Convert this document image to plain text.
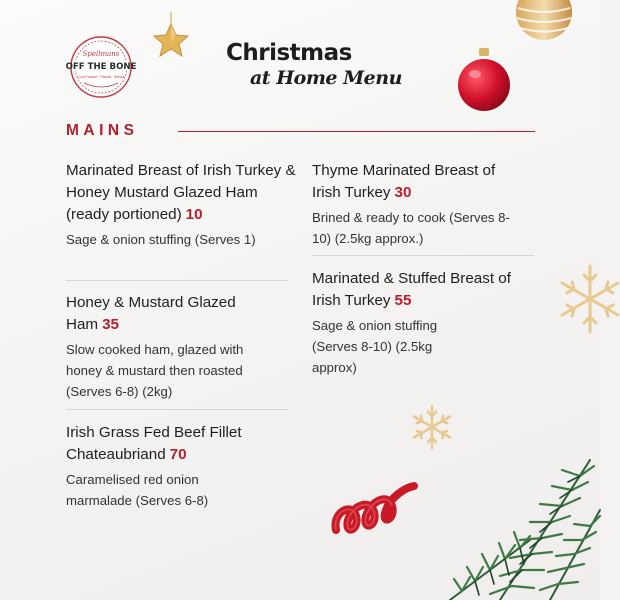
Spellmans
OFF THE BONE
Cura Fadaid · Féasta · Blasta
Christmas
at Home Menu
MAINS
Marinated Breast of Irish Turkey & Honey Mustard Glazed Ham (ready portioned) 10
Sage & onion stuffing (Serves 1)
Honey & Mustard Glazed Ham 35
Slow cooked ham, glazed with honey & mustard then roasted (Serves 6-8) (2kg)
Irish Grass Fed Beef Fillet Chateaubriand 70
Caramelised red onion marmalade (Serves 6-8)
Thyme Marinated Breast of Irish Turkey 30
Brined & ready to cook (Serves 8-10) (2.5kg approx.)
Marinated & Stuffed Breast of Irish Turkey 55
Sage & onion stuffing (Serves 8-10) (2.5kg approx)
